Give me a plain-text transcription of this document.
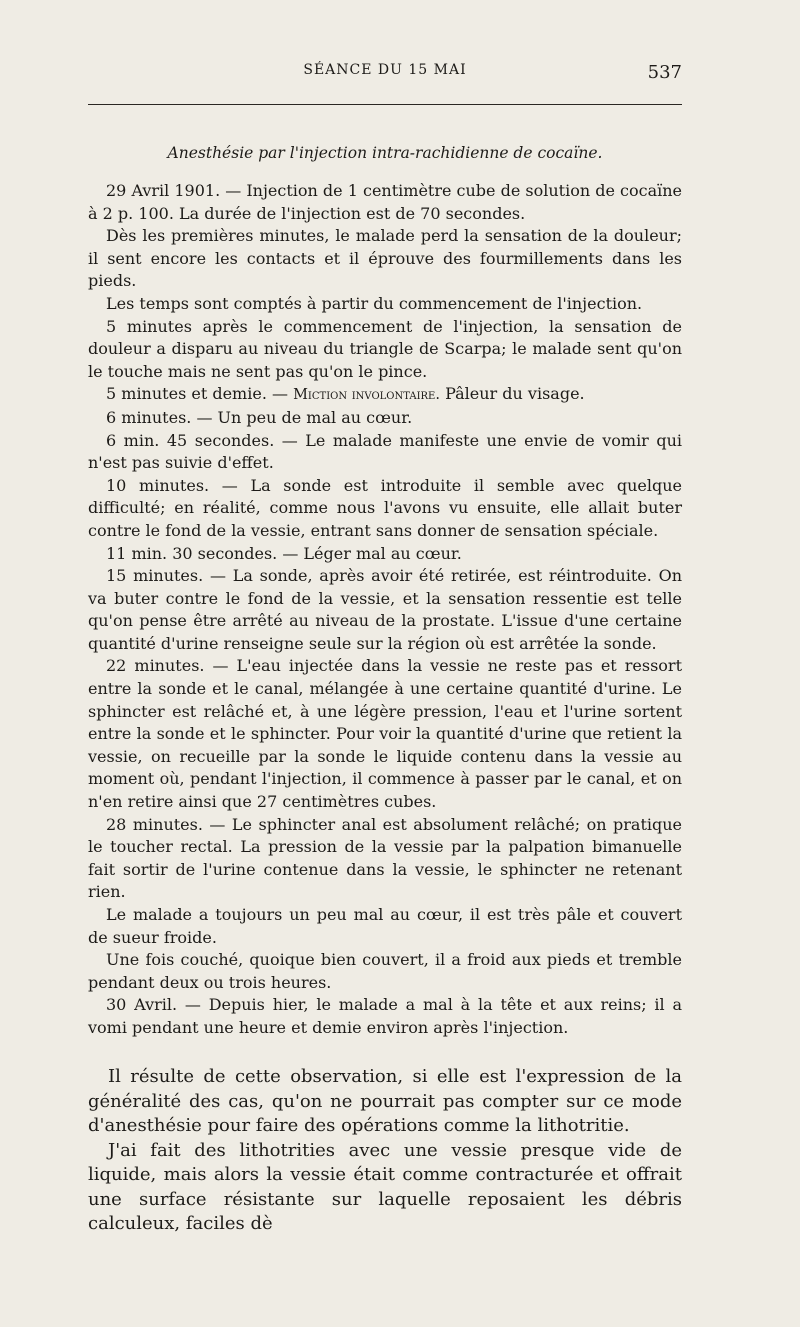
SÉANCE DU 15 MAI	537
Anesthésie par l'injection intra-rachidienne de cocaïne.

29 Avril 1901. — Injection de 1 centimètre cube de solution de cocaïne à 2 p. 100. La durée de l'injection est de 70 secondes.

Dès les premières minutes, le malade perd la sensation de la douleur; il sent encore les contacts et il éprouve des fourmillements dans les pieds.

Les temps sont comptés à partir du commencement de l'injection.

5 minutes après le commencement de l'injection, la sensation de douleur a disparu au niveau du triangle de Scarpa; le malade sent qu'on le touche mais ne sent pas qu'on le pince.

5 minutes et demie. — Miction involontaire. Pâleur du visage.

6 minutes. — Un peu de mal au cœur.

6 min. 45 secondes. — Le malade manifeste une envie de vomir qui n'est pas suivie d'effet.

10 minutes. — La sonde est introduite il semble avec quelque difficulté; en réalité, comme nous l'avons vu ensuite, elle allait buter contre le fond de la vessie, entrant sans donner de sensation spéciale.

11 min. 30 secondes. — Léger mal au cœur.

15 minutes. — La sonde, après avoir été retirée, est réintroduite. On va buter contre le fond de la vessie, et la sensation ressentie est telle qu'on pense être arrêté au niveau de la prostate. L'issue d'une certaine quantité d'urine renseigne seule sur la région où est arrêtée la sonde.

22 minutes. — L'eau injectée dans la vessie ne reste pas et ressort entre la sonde et le canal, mélangée à une certaine quantité d'urine. Le sphincter est relâché et, à une légère pression, l'eau et l'urine sortent entre la sonde et le sphincter. Pour voir la quantité d'urine que retient la vessie, on recueille par la sonde le liquide contenu dans la vessie au moment où, pendant l'injection, il commence à passer par le canal, et on n'en retire ainsi que 27 centimètres cubes.

28 minutes. — Le sphincter anal est absolument relâché; on pratique le toucher rectal. La pression de la vessie par la palpation bimanuelle fait sortir de l'urine contenue dans la vessie, le sphincter ne retenant rien.

Le malade a toujours un peu mal au cœur, il est très pâle et couvert de sueur froide.

Une fois couché, quoique bien couvert, il a froid aux pieds et tremble pendant deux ou trois heures.

30 Avril. — Depuis hier, le malade a mal à la tête et aux reins; il a vomi pendant une heure et demie environ après l'injection.

Il résulte de cette observation, si elle est l'expression de la généralité des cas, qu'on ne pourrait pas compter sur ce mode d'anesthésie pour faire des opérations comme la lithotritie.

J'ai fait des lithotrities avec une vessie presque vide de liquide, mais alors la vessie était comme contracturée et offrait une surface résistante sur laquelle reposaient les débris calculeux, faciles dè
